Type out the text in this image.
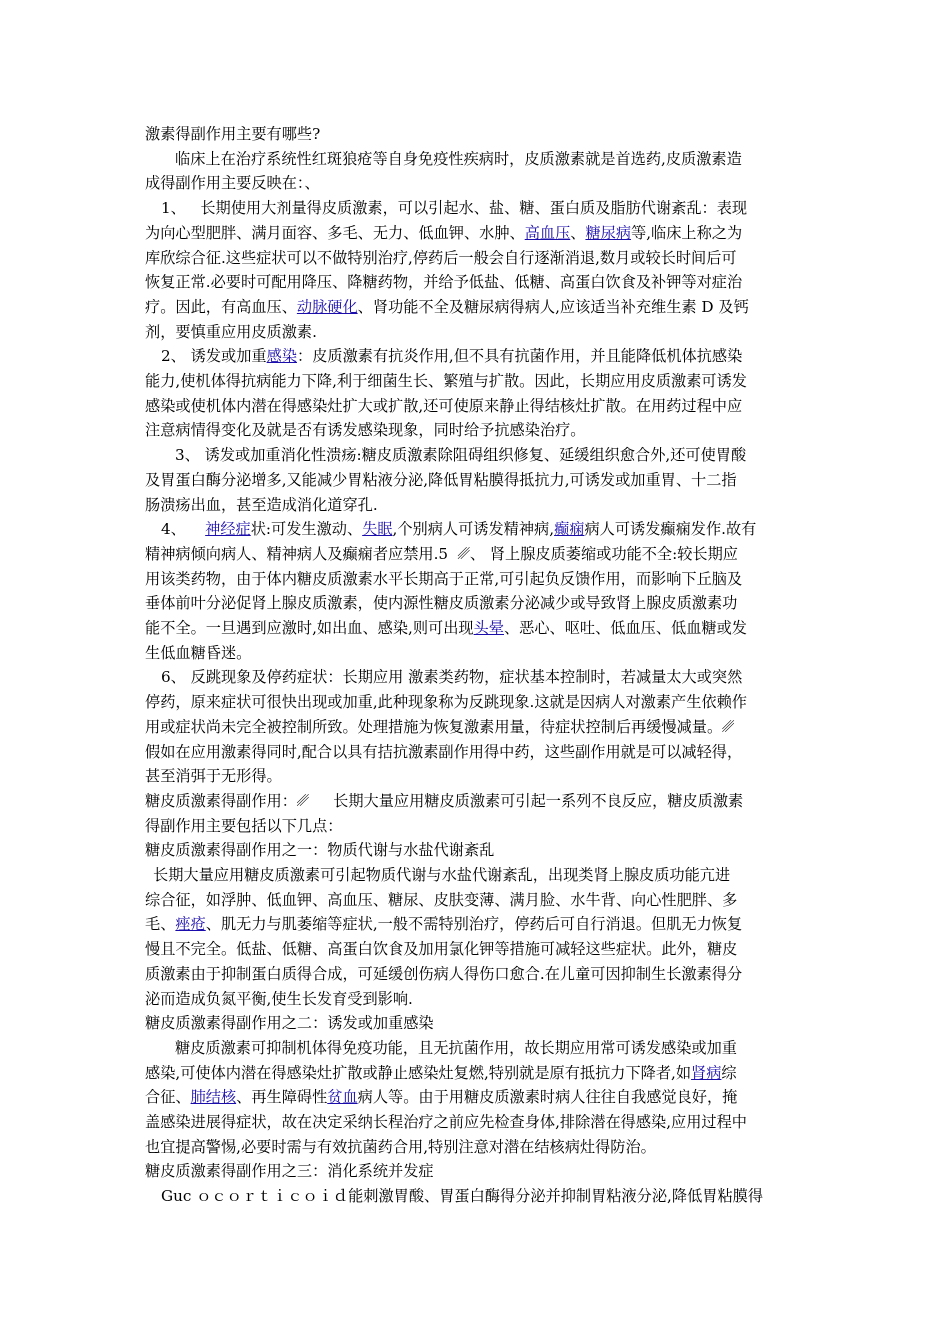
激素得副作用主要有哪些?
临床上在治疗系统性红斑狼疮等自身免疫性疾病时，皮质激素就是首选药,皮质激素造
成得副作用主要反映在：、
1、   长期使用大剂量得皮质激素，可以引起水、盐、糖、蛋白质及脂肪代谢紊乱：表现
为向心型肥胖、满月面容、多毛、无力、低血钾、水肿、高血压、糖尿病等,临床上称之为
库欣综合征.这些症状可以不做特别治疗,停药后一般会自行逐渐消退,数月或较长时间后可
恢复正常.必要时可配用降压、降糖药物，并给予低盐、低糖、高蛋白饮食及补钾等对症治
疗。因此，有高血压、动脉硬化、肾功能不全及糖尿病得病人,应该适当补充维生素 D 及钙
剂，要慎重应用皮质激素.
2、 诱发或加重感染：皮质激素有抗炎作用,但不具有抗菌作用，并且能降低机体抗感染
能力,使机体得抗病能力下降,利于细菌生长、繁殖与扩散。因此，长期应用皮质激素可诱发
感染或使机体内潜在得感染灶扩大或扩散,还可使原来静止得结核灶扩散。在用药过程中应
注意病情得变化及就是否有诱发感染现象，同时给予抗感染治疗。
3、 诱发或加重消化性溃疡:糖皮质激素除阻碍组织修复、延缓组织愈合外,还可使胃酸
及胃蛋白酶分泌增多,又能减少胃粘液分泌,降低胃粘膜得抵抗力,可诱发或加重胃、十二指
肠溃疡出血，甚至造成消化道穿孔.
4、    神经症状:可发生激动、失眠,个别病人可诱发精神病,癫痫病人可诱发癫痫发作.故有
精神病倾向病人、精神病人及癫痫者应禁用.5  ␥、 肾上腺皮质萎缩或功能不全:较长期应
用该类药物，由于体内糖皮质激素水平长期高于正常,可引起负反馈作用，而影响下丘脑及
垂体前叶分泌促肾上腺皮质激素，使内源性糖皮质激素分泌减少或导致肾上腺皮质激素功
能不全。一旦遇到应激时,如出血、感染,则可出现头晕、恶心、呕吐、低血压、低血糖或发
生低血糖昏迷。
6、 反跳现象及停药症状：长期应用 激素类药物，症状基本控制时，若减量太大或突然
停药，原来症状可很快出现或加重,此种现象称为反跳现象.这就是因病人对激素产生依赖作
用或症状尚未完全被控制所致。处理措施为恢复激素用量，待症状控制后再缓慢减量。␥
假如在应用激素得同时,配合以具有拮抗激素副作用得中药，这些副作用就是可以减轻得，
甚至消弭于无形得。
糖皮质激素得副作用：␥     长期大量应用糖皮质激素可引起一系列不良反应，糖皮质激素
得副作用主要包括以下几点：
糖皮质激素得副作用之一：物质代谢与水盐代谢紊乱
长期大量应用糖皮质激素可引起物质代谢与水盐代谢紊乱，出现类肾上腺皮质功能亢进
综合征，如浮肿、低血钾、高血压、糖尿、皮肤变薄、满月脸、水牛背、向心性肥胖、多
毛、痤疮、肌无力与肌萎缩等症状,一般不需特别治疗，停药后可自行消退。但肌无力恢复
慢且不完全。低盐、低糖、高蛋白饮食及加用氯化钾等措施可减轻这些症状。此外，糖皮
质激素由于抑制蛋白质得合成，可延缓创伤病人得伤口愈合.在儿童可因抑制生长激素得分
泌而造成负氮平衡,使生长发育受到影响.
糖皮质激素得副作用之二：诱发或加重感染
糖皮质激素可抑制机体得免疫功能，且无抗菌作用，故长期应用常可诱发感染或加重
感染,可使体内潜在得感染灶扩散或静止感染灶复燃,特别就是原有抵抗力下降者,如肾病综
合征、肺结核、再生障碍性贫血病人等。由于用糖皮质激素时病人往往自我感觉良好，掩
盖感染进展得症状，故在决定采纳长程治疗之前应先检查身体,排除潜在得感染,应用过程中
也宜提高警惕,必要时需与有效抗菌药合用,特别注意对潜在结核病灶得防治。
糖皮质激素得副作用之三：消化系统并发症
Guc ｏｃｏｒｔｉｃｏｉｄ能刺激胃酸、胃蛋白酶得分泌并抑制胃粘液分泌,降低胃粘膜得
